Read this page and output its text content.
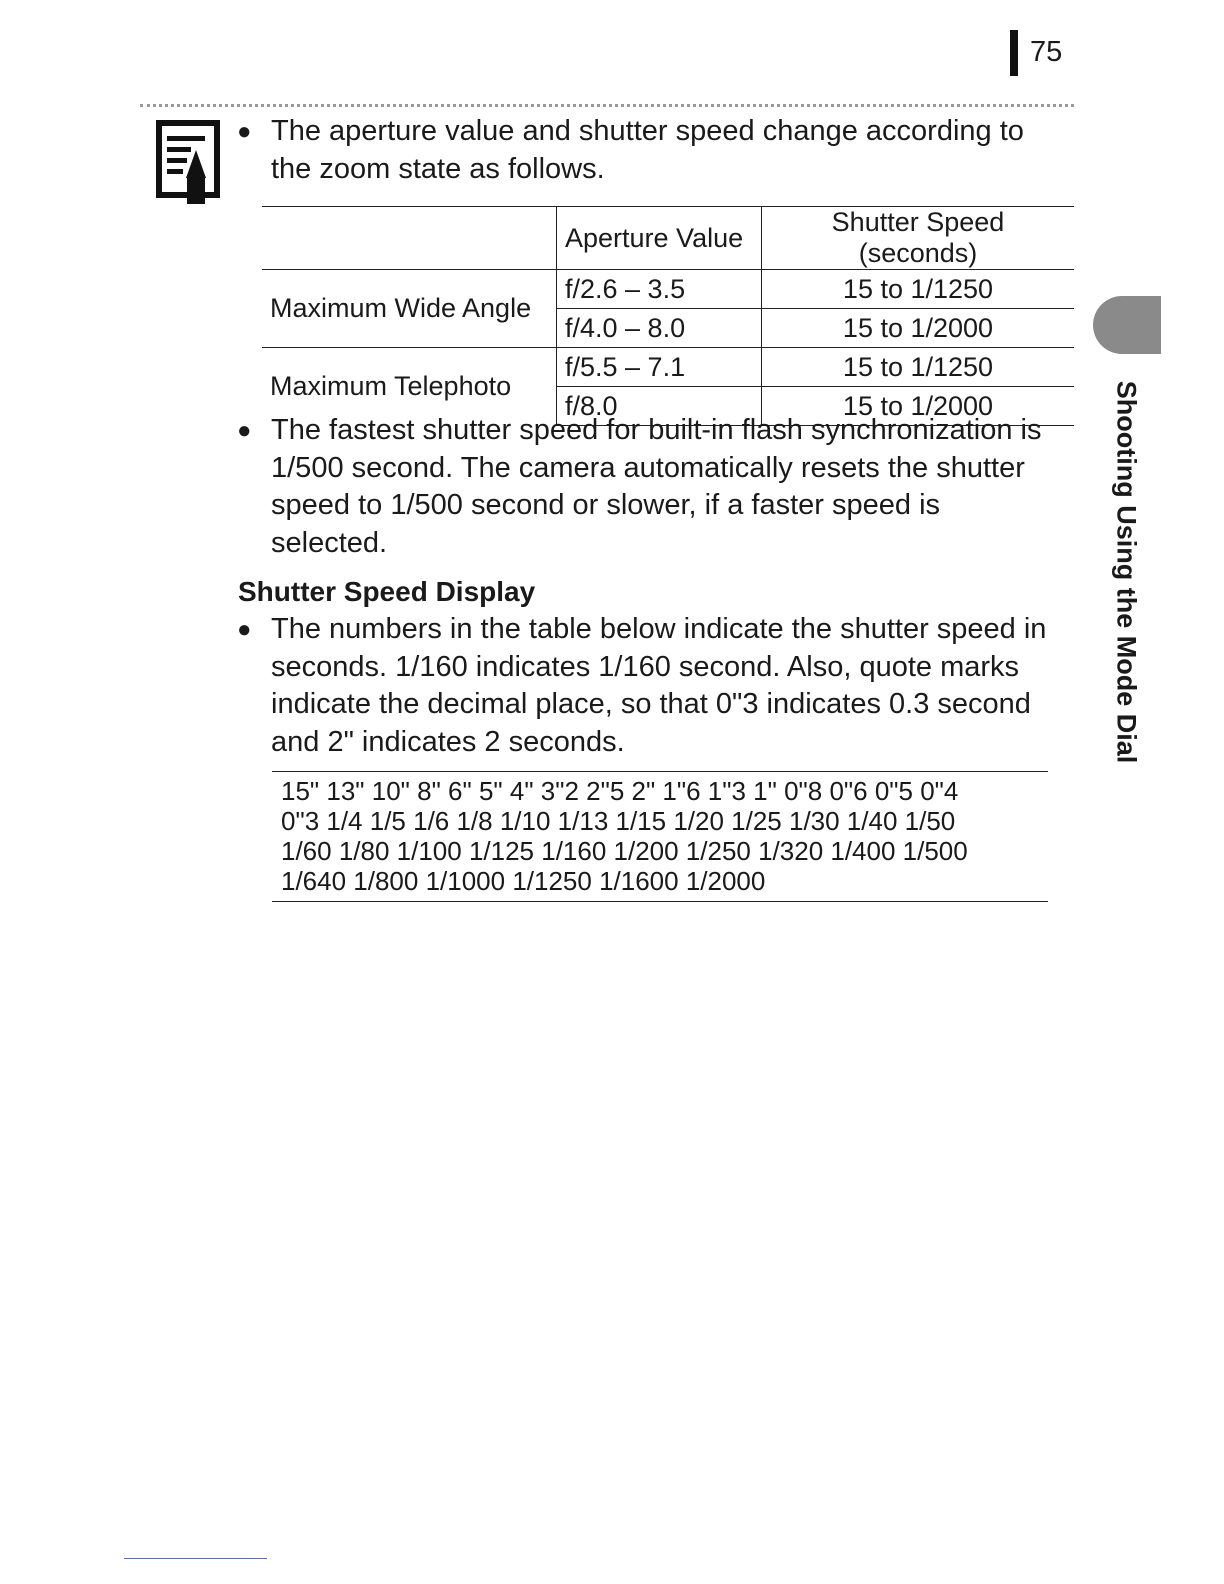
75
● The aperture value and shutter speed change according to
the zoom state as follows.
	Aperture Value	Shutter Speed (seconds)
Maximum Wide Angle	f/2.6 – 3.5	15 to 1/1250
	f/4.0 – 8.0	15 to 1/2000
Maximum Telephoto	f/5.5 – 7.1	15 to 1/1250
	f/8.0	15 to 1/2000
● The fastest shutter speed for built-in flash synchronization is
1/500 second. The camera automatically resets the shutter
speed to 1/500 second or slower, if a faster speed is
selected.
Shutter Speed Display
● The numbers in the table below indicate the shutter speed in
seconds. 1/160 indicates 1/160 second. Also, quote marks
indicate the decimal place, so that 0"3 indicates 0.3 second
and 2" indicates 2 seconds.
15" 13" 10" 8" 6" 5" 4" 3"2 2"5 2" 1"6 1"3 1" 0"8 0"6 0"5 0"4
0"3 1/4 1/5 1/6 1/8 1/10 1/13 1/15 1/20 1/25 1/30 1/40 1/50
1/60 1/80 1/100 1/125 1/160 1/200 1/250 1/320 1/400 1/500
1/640 1/800 1/1000 1/1250 1/1600 1/2000
Shooting Using the Mode Dial
